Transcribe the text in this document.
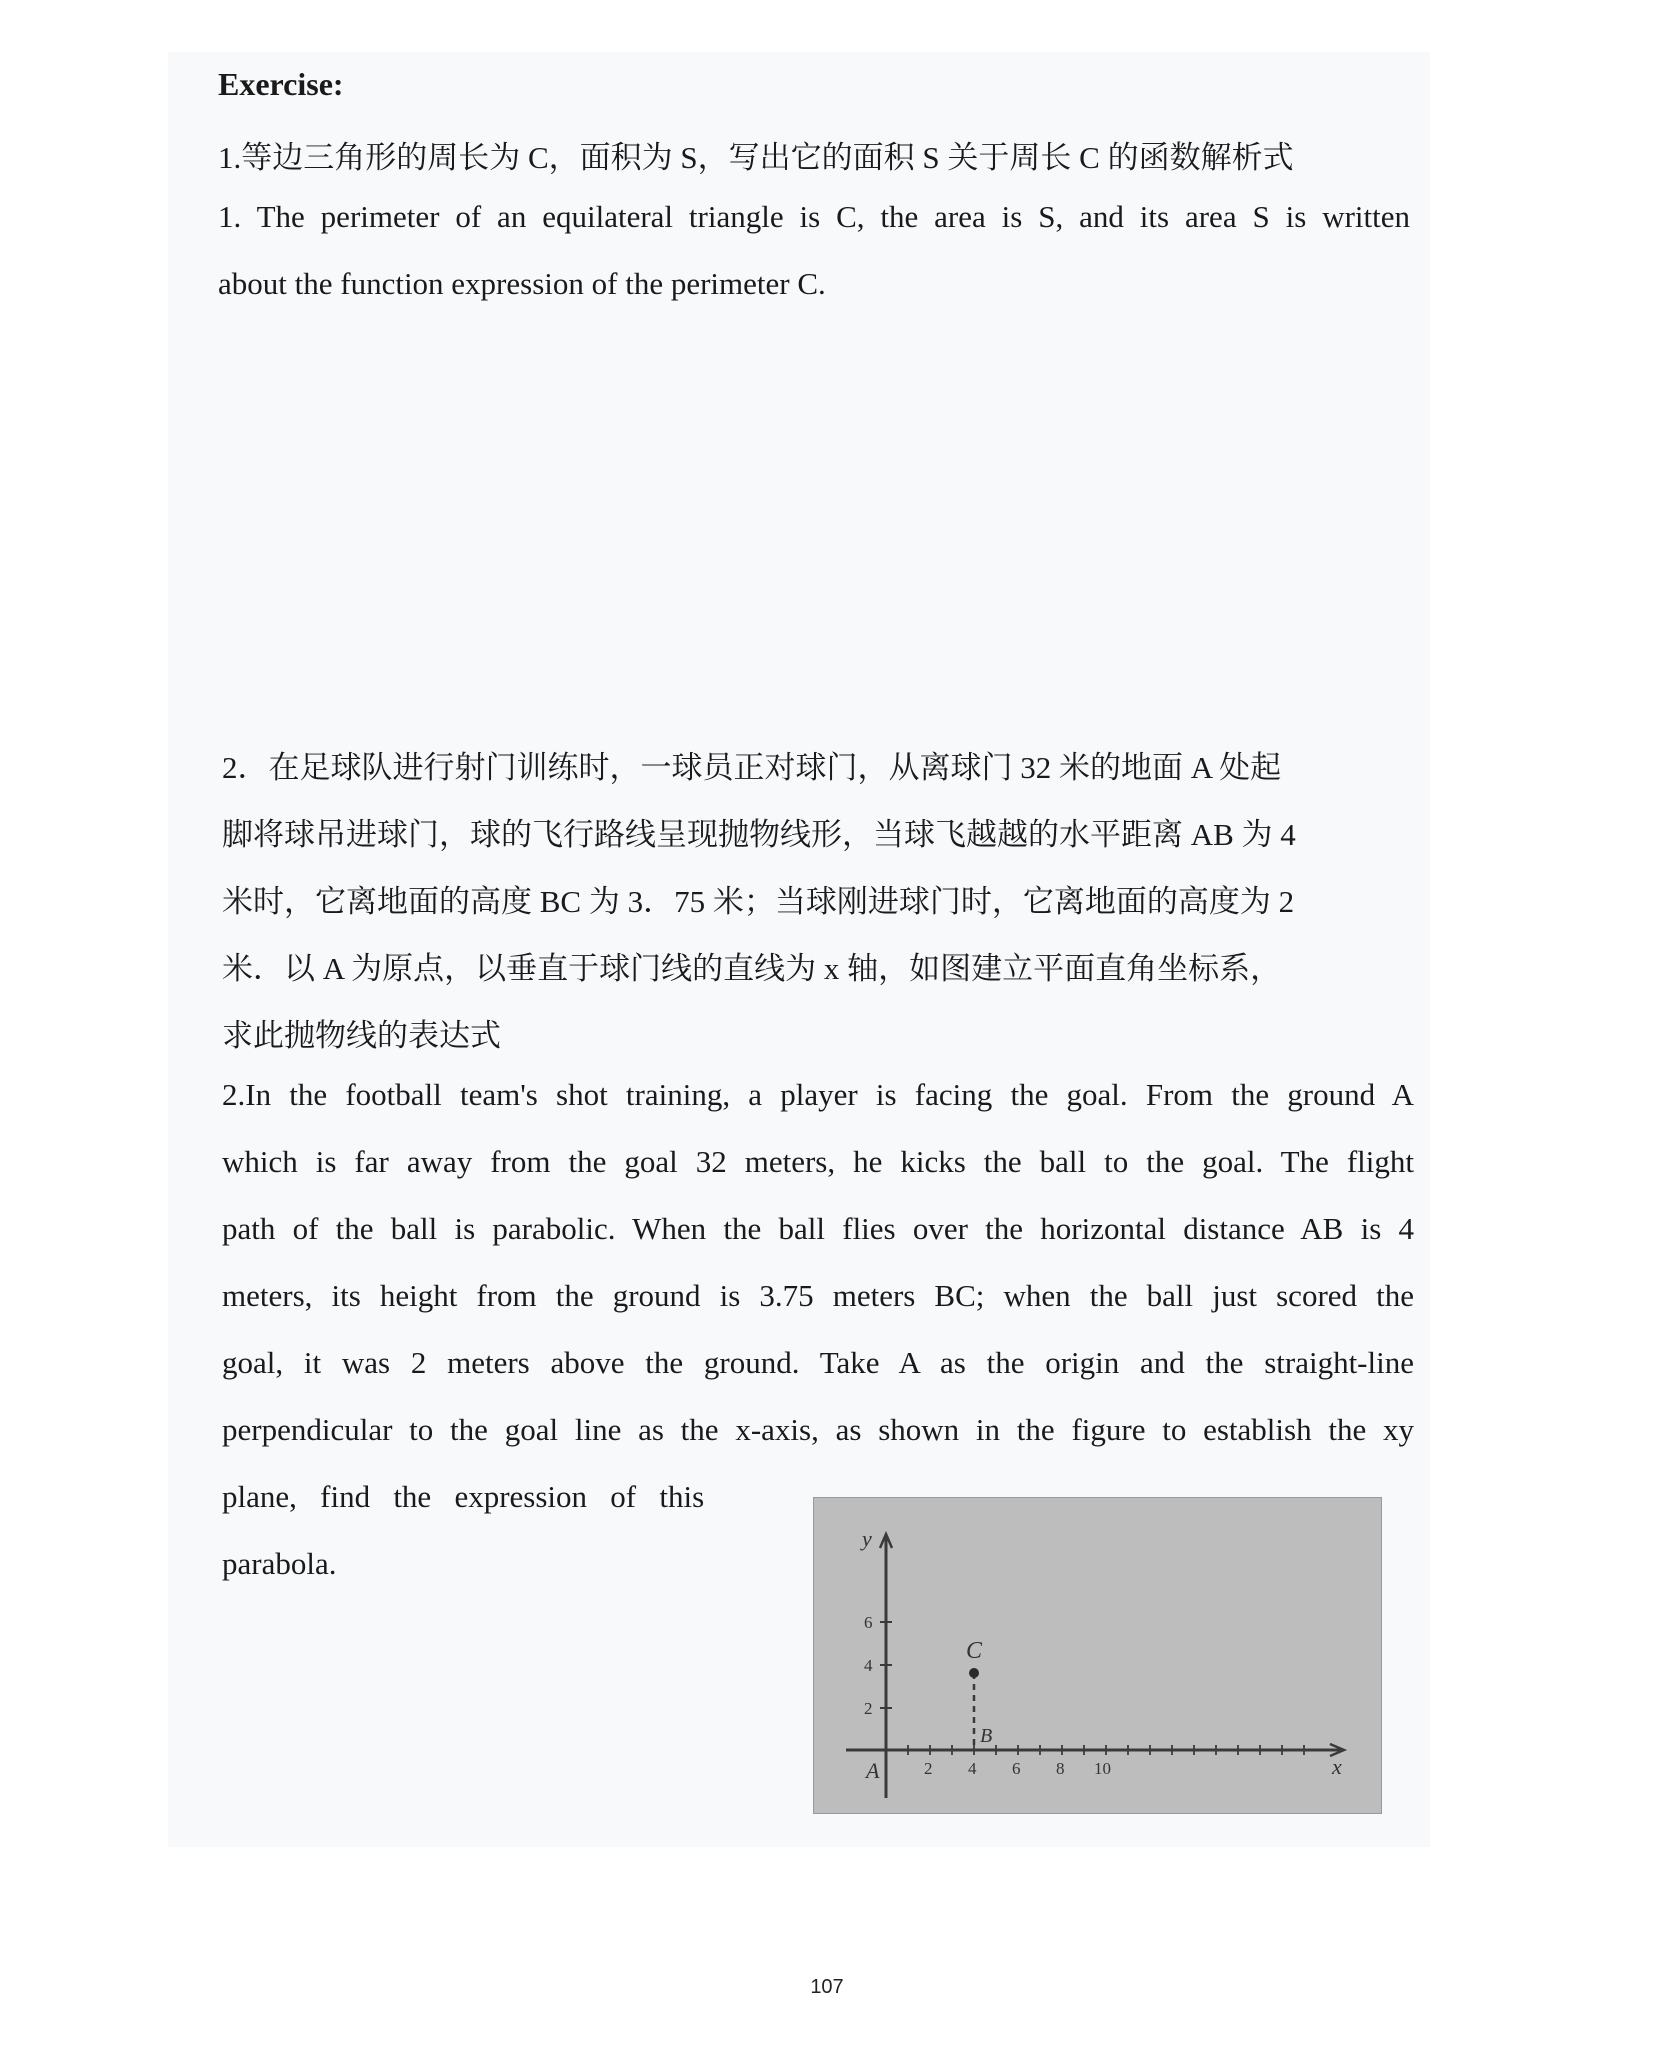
Exercise:
1.等边三角形的周长为 C，面积为 S，写出它的面积 S 关于周长 C 的函数解析式
1. The perimeter of an equilateral triangle is C, the area is S, and its area S is written
about the function expression of the perimeter C.
2．在足球队进行射门训练时，一球员正对球门，从离球门 32 米的地面 A 处起
脚将球吊进球门，球的飞行路线呈现抛物线形，当球飞越越的水平距离 AB 为 4
米时，它离地面的高度 BC 为 3．75 米；当球刚进球门时，它离地面的高度为 2
米．以 A 为原点，以垂直于球门线的直线为 x 轴，如图建立平面直角坐标系，
求此抛物线的表达式
2.In the football team's shot training, a player is facing the goal. From the ground A
which is far away from the goal 32 meters, he kicks the ball to the goal. The flight
path of the ball is parabolic. When the ball flies over the horizontal distance AB is 4
meters, its height from the ground is 3.75 meters BC; when the ball just scored the
goal, it was 2 meters above the ground. Take A as the origin and the straight-line
perpendicular to the goal line as the x-axis, as shown in the figure to establish the xy
plane,   find   the   expression   of   this
parabola.
y
x
A
C
B
6
4
2
2 4 6 8 10
107
